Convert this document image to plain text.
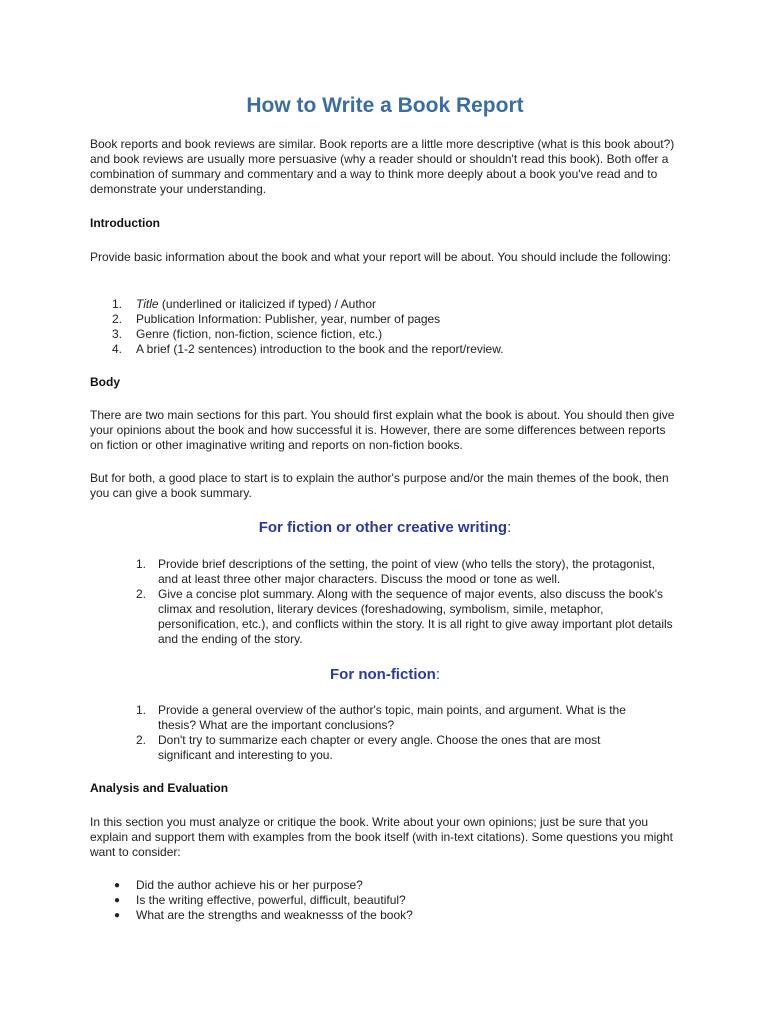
How to Write a Book Report

Book reports and book reviews are similar. Book reports are a little more descriptive (what is this book about?) and book reviews are usually more persuasive (why a reader should or shouldn't read this book). Both offer a combination of summary and commentary and a way to think more deeply about a book you've read and to demonstrate your understanding.

Introduction

Provide basic information about the book and what your report will be about. You should include the following:

1. Title (underlined or italicized if typed) / Author
2. Publication Information: Publisher, year, number of pages
3. Genre (fiction, non-fiction, science fiction, etc.)
4. A brief (1-2 sentences) introduction to the book and the report/review.

Body

There are two main sections for this part. You should first explain what the book is about. You should then give your opinions about the book and how successful it is. However, there are some differences between reports on fiction or other imaginative writing and reports on non-fiction books.

But for both, a good place to start is to explain the author's purpose and/or the main themes of the book, then you can give a book summary.

For fiction or other creative writing:
1. Provide brief descriptions of the setting, the point of view (who tells the story), the protagonist, and at least three other major characters. Discuss the mood or tone as well.
2. Give a concise plot summary. Along with the sequence of major events, also discuss the book's climax and resolution, literary devices (foreshadowing, symbolism, simile, metaphor, personification, etc.), and conflicts within the story. It is all right to give away important plot details and the ending of the story.
For non-fiction:
1. Provide a general overview of the author's topic, main points, and argument. What is the thesis? What are the important conclusions?
2. Don't try to summarize each chapter or every angle. Choose the ones that are most significant and interesting to you.

Analysis and Evaluation

In this section you must analyze or critique the book. Write about your own opinions; just be sure that you explain and support them with examples from the book itself (with in-text citations). Some questions you might want to consider:

● Did the author achieve his or her purpose?
● Is the writing effective, powerful, difficult, beautiful?
● What are the strengths and weaknesss of the book?
